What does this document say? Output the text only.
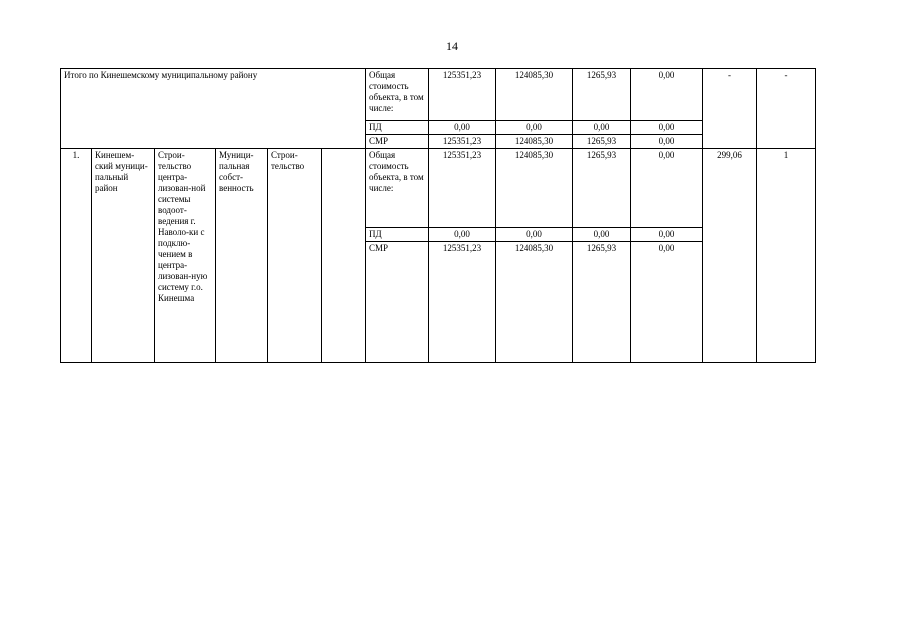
14
Итого по Кинешемскому муниципальному району						Общая стоимость объекта, в том числе:	125351,23	124085,30	1265,93	0,00	-	-
						ПД	0,00	0,00	0,00	0,00		
						СМР	125351,23	124085,30	1265,93	0,00		
1.	Кинешем-ский муници-пальный район	Строи-тельство центра-лизован-ной системы водоот-ведения г. Наволо-ки с подклю-чением в центра-лизован-ную систему г.о. Кинешма	Муници-пальная собст-венность	Строи-тельство		Общая стоимость объекта, в том числе:	125351,23	124085,30	1265,93	0,00	299,06	1
						ПД	0,00	0,00	0,00	0,00		
						СМР	125351,23	124085,30	1265,93	0,00		
